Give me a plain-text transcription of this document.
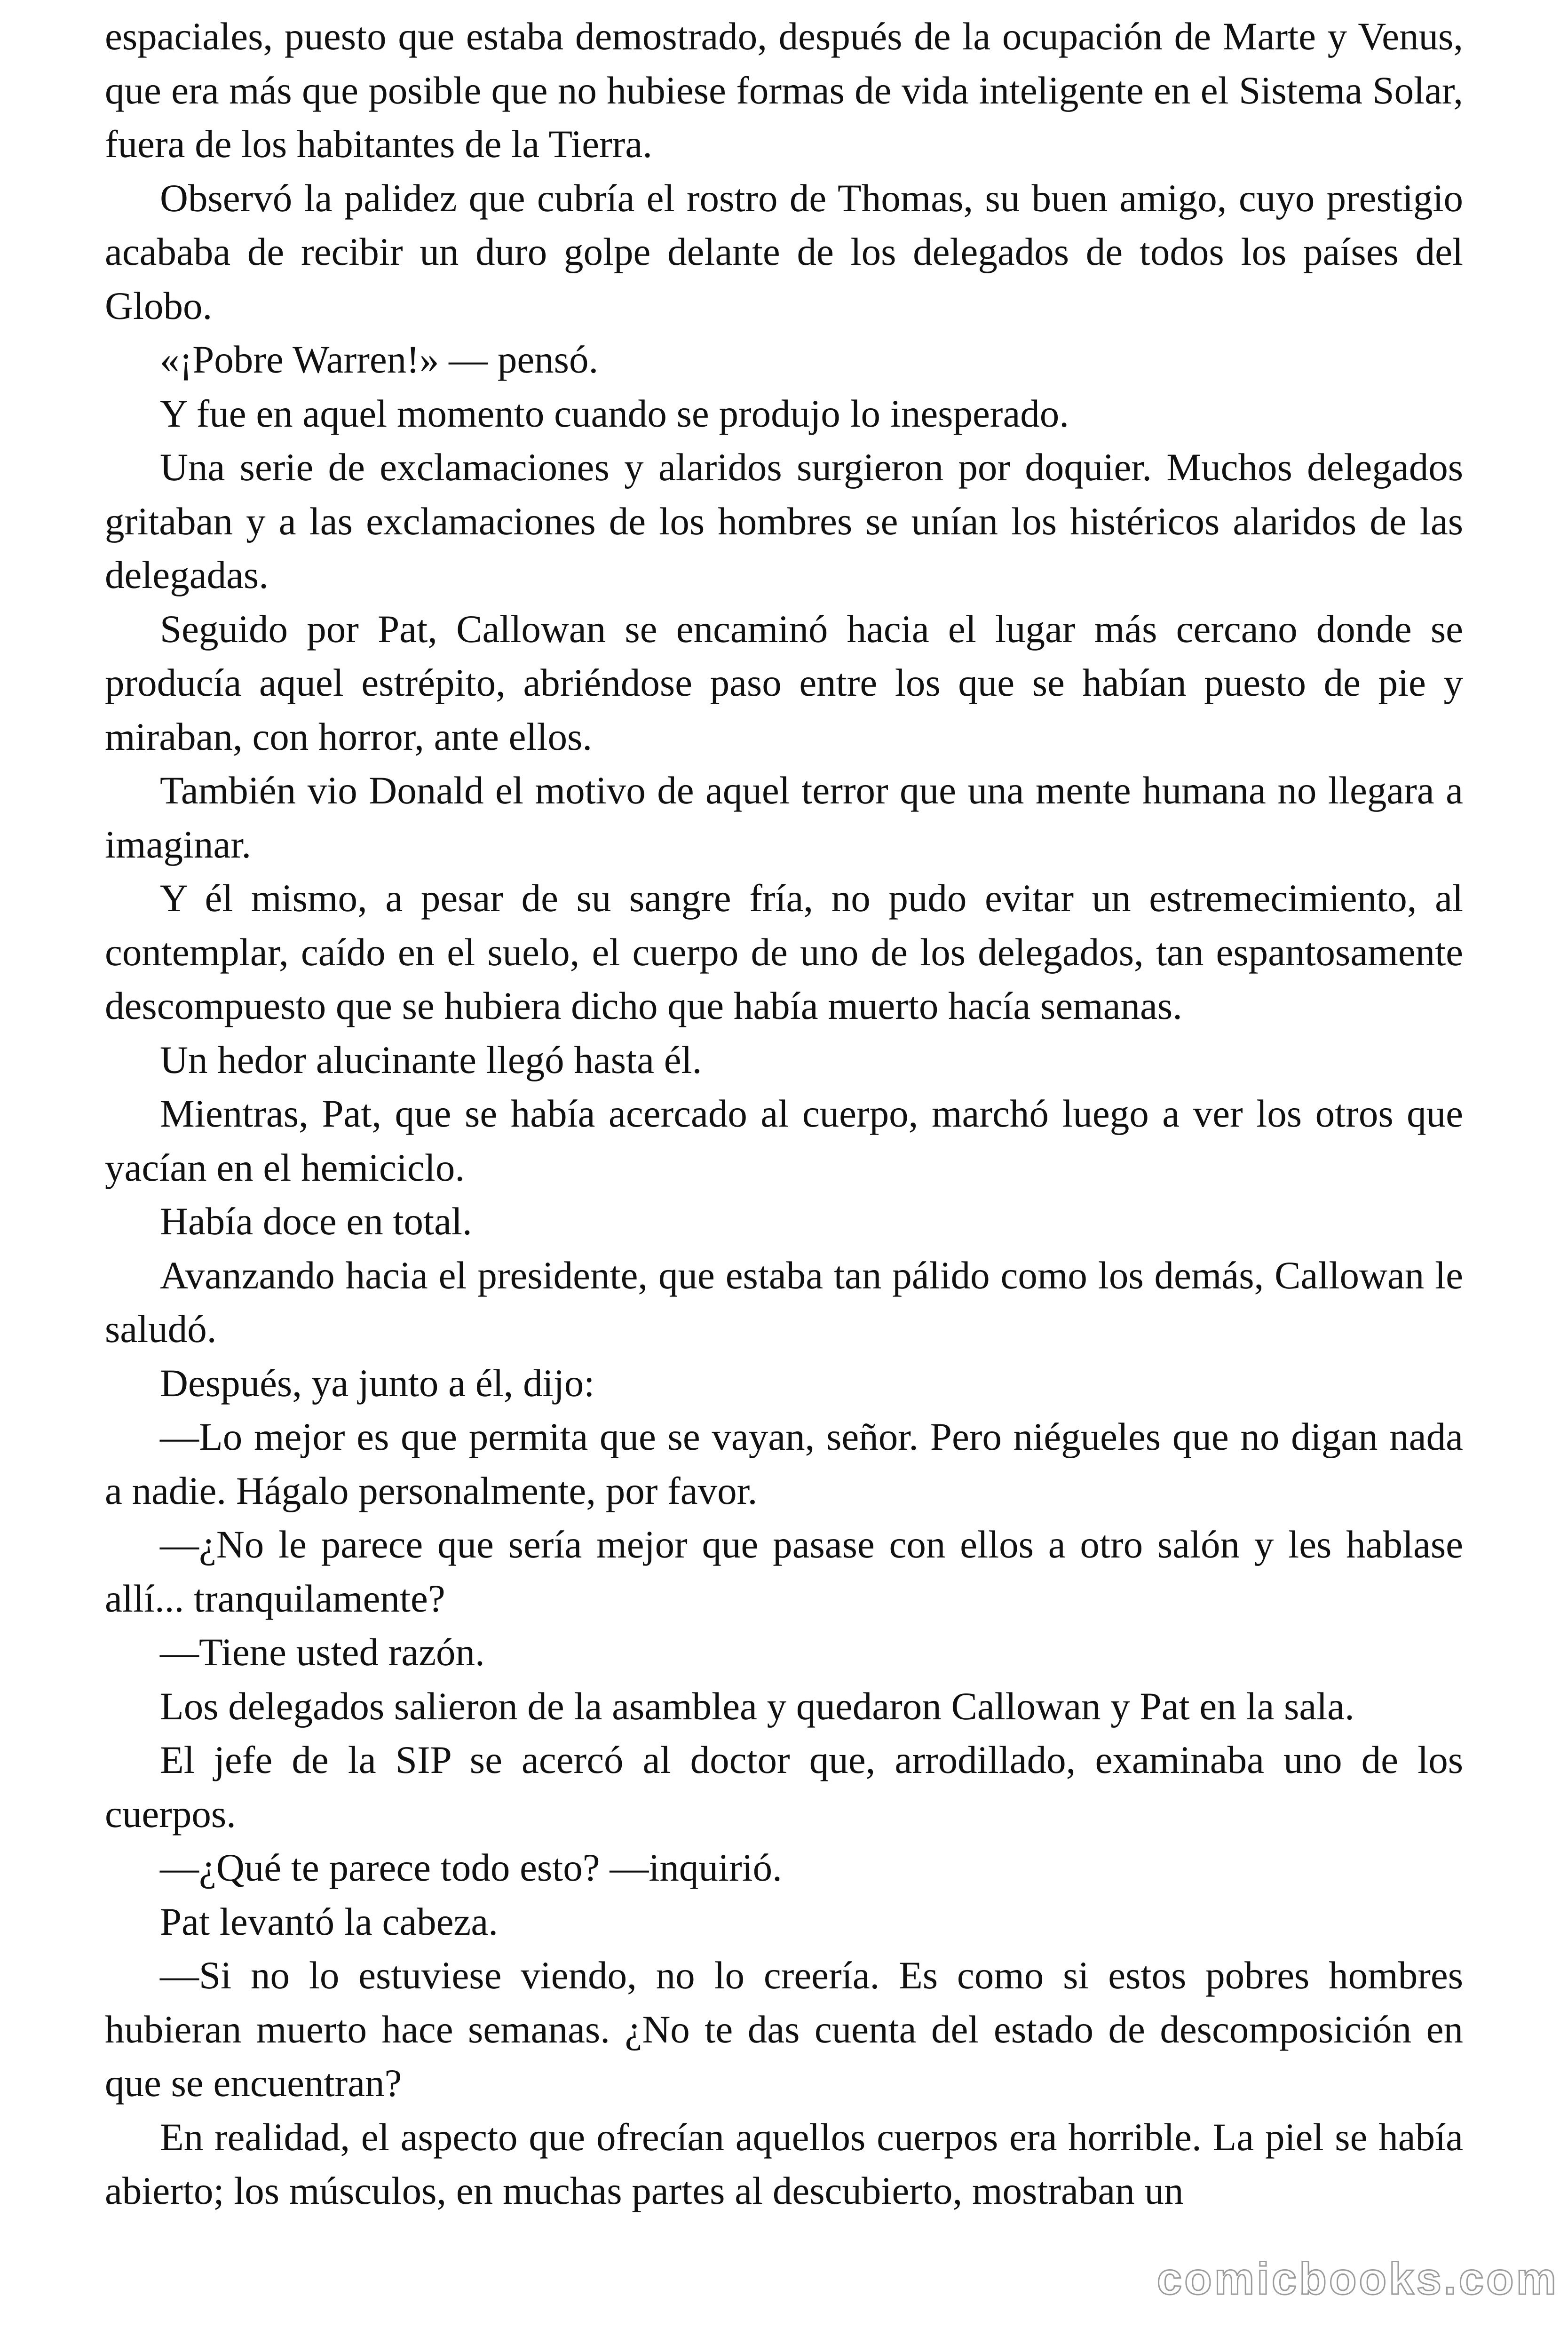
espaciales, puesto que estaba demostrado, después de la ocupación de Marte y Venus, que era más que posible que no hubiese formas de vida inteligente en el Sistema Solar, fuera de los habitantes de la Tierra.

Observó la palidez que cubría el rostro de Thomas, su buen amigo, cuyo prestigio acababa de recibir un duro golpe delante de los delegados de todos los países del Globo.

«¡Pobre Warren!» — pensó.

Y fue en aquel momento cuando se produjo lo inesperado.

Una serie de exclamaciones y alaridos surgieron por doquier. Muchos delegados gritaban y a las exclamaciones de los hombres se unían los histéricos alaridos de las delegadas.

Seguido por Pat, Callowan se encaminó hacia el lugar más cercano donde se producía aquel estrépito, abriéndose paso entre los que se habían puesto de pie y miraban, con horror, ante ellos.

También vio Donald el motivo de aquel terror que una mente humana no llegara a imaginar.

Y él mismo, a pesar de su sangre fría, no pudo evitar un estremecimiento, al contemplar, caído en el suelo, el cuerpo de uno de los delegados, tan espantosamente descompuesto que se hubiera dicho que había muerto hacía semanas.

Un hedor alucinante llegó hasta él.

Mientras, Pat, que se había acercado al cuerpo, marchó luego a ver los otros que yacían en el hemiciclo.

Había doce en total.

Avanzando hacia el presidente, que estaba tan pálido como los demás, Callowan le saludó.

Después, ya junto a él, dijo:

—Lo mejor es que permita que se vayan, señor. Pero niégueles que no digan nada a nadie. Hágalo personalmente, por favor.

—¿No le parece que sería mejor que pasase con ellos a otro salón y les hablase allí... tranquilamente?

—Tiene usted razón.

Los delegados salieron de la asamblea y quedaron Callowan y Pat en la sala.

El jefe de la SIP se acercó al doctor que, arrodillado, examinaba uno de los cuerpos.

—¿Qué te parece todo esto? —inquirió.

Pat levantó la cabeza.

—Si no lo estuviese viendo, no lo creería. Es como si estos pobres hombres hubieran muerto hace semanas. ¿No te das cuenta del estado de descomposición en que se encuentran?

En realidad, el aspecto que ofrecían aquellos cuerpos era horrible. La piel se había abierto; los músculos, en muchas partes al descubierto, mostraban un

comicbooks.com
